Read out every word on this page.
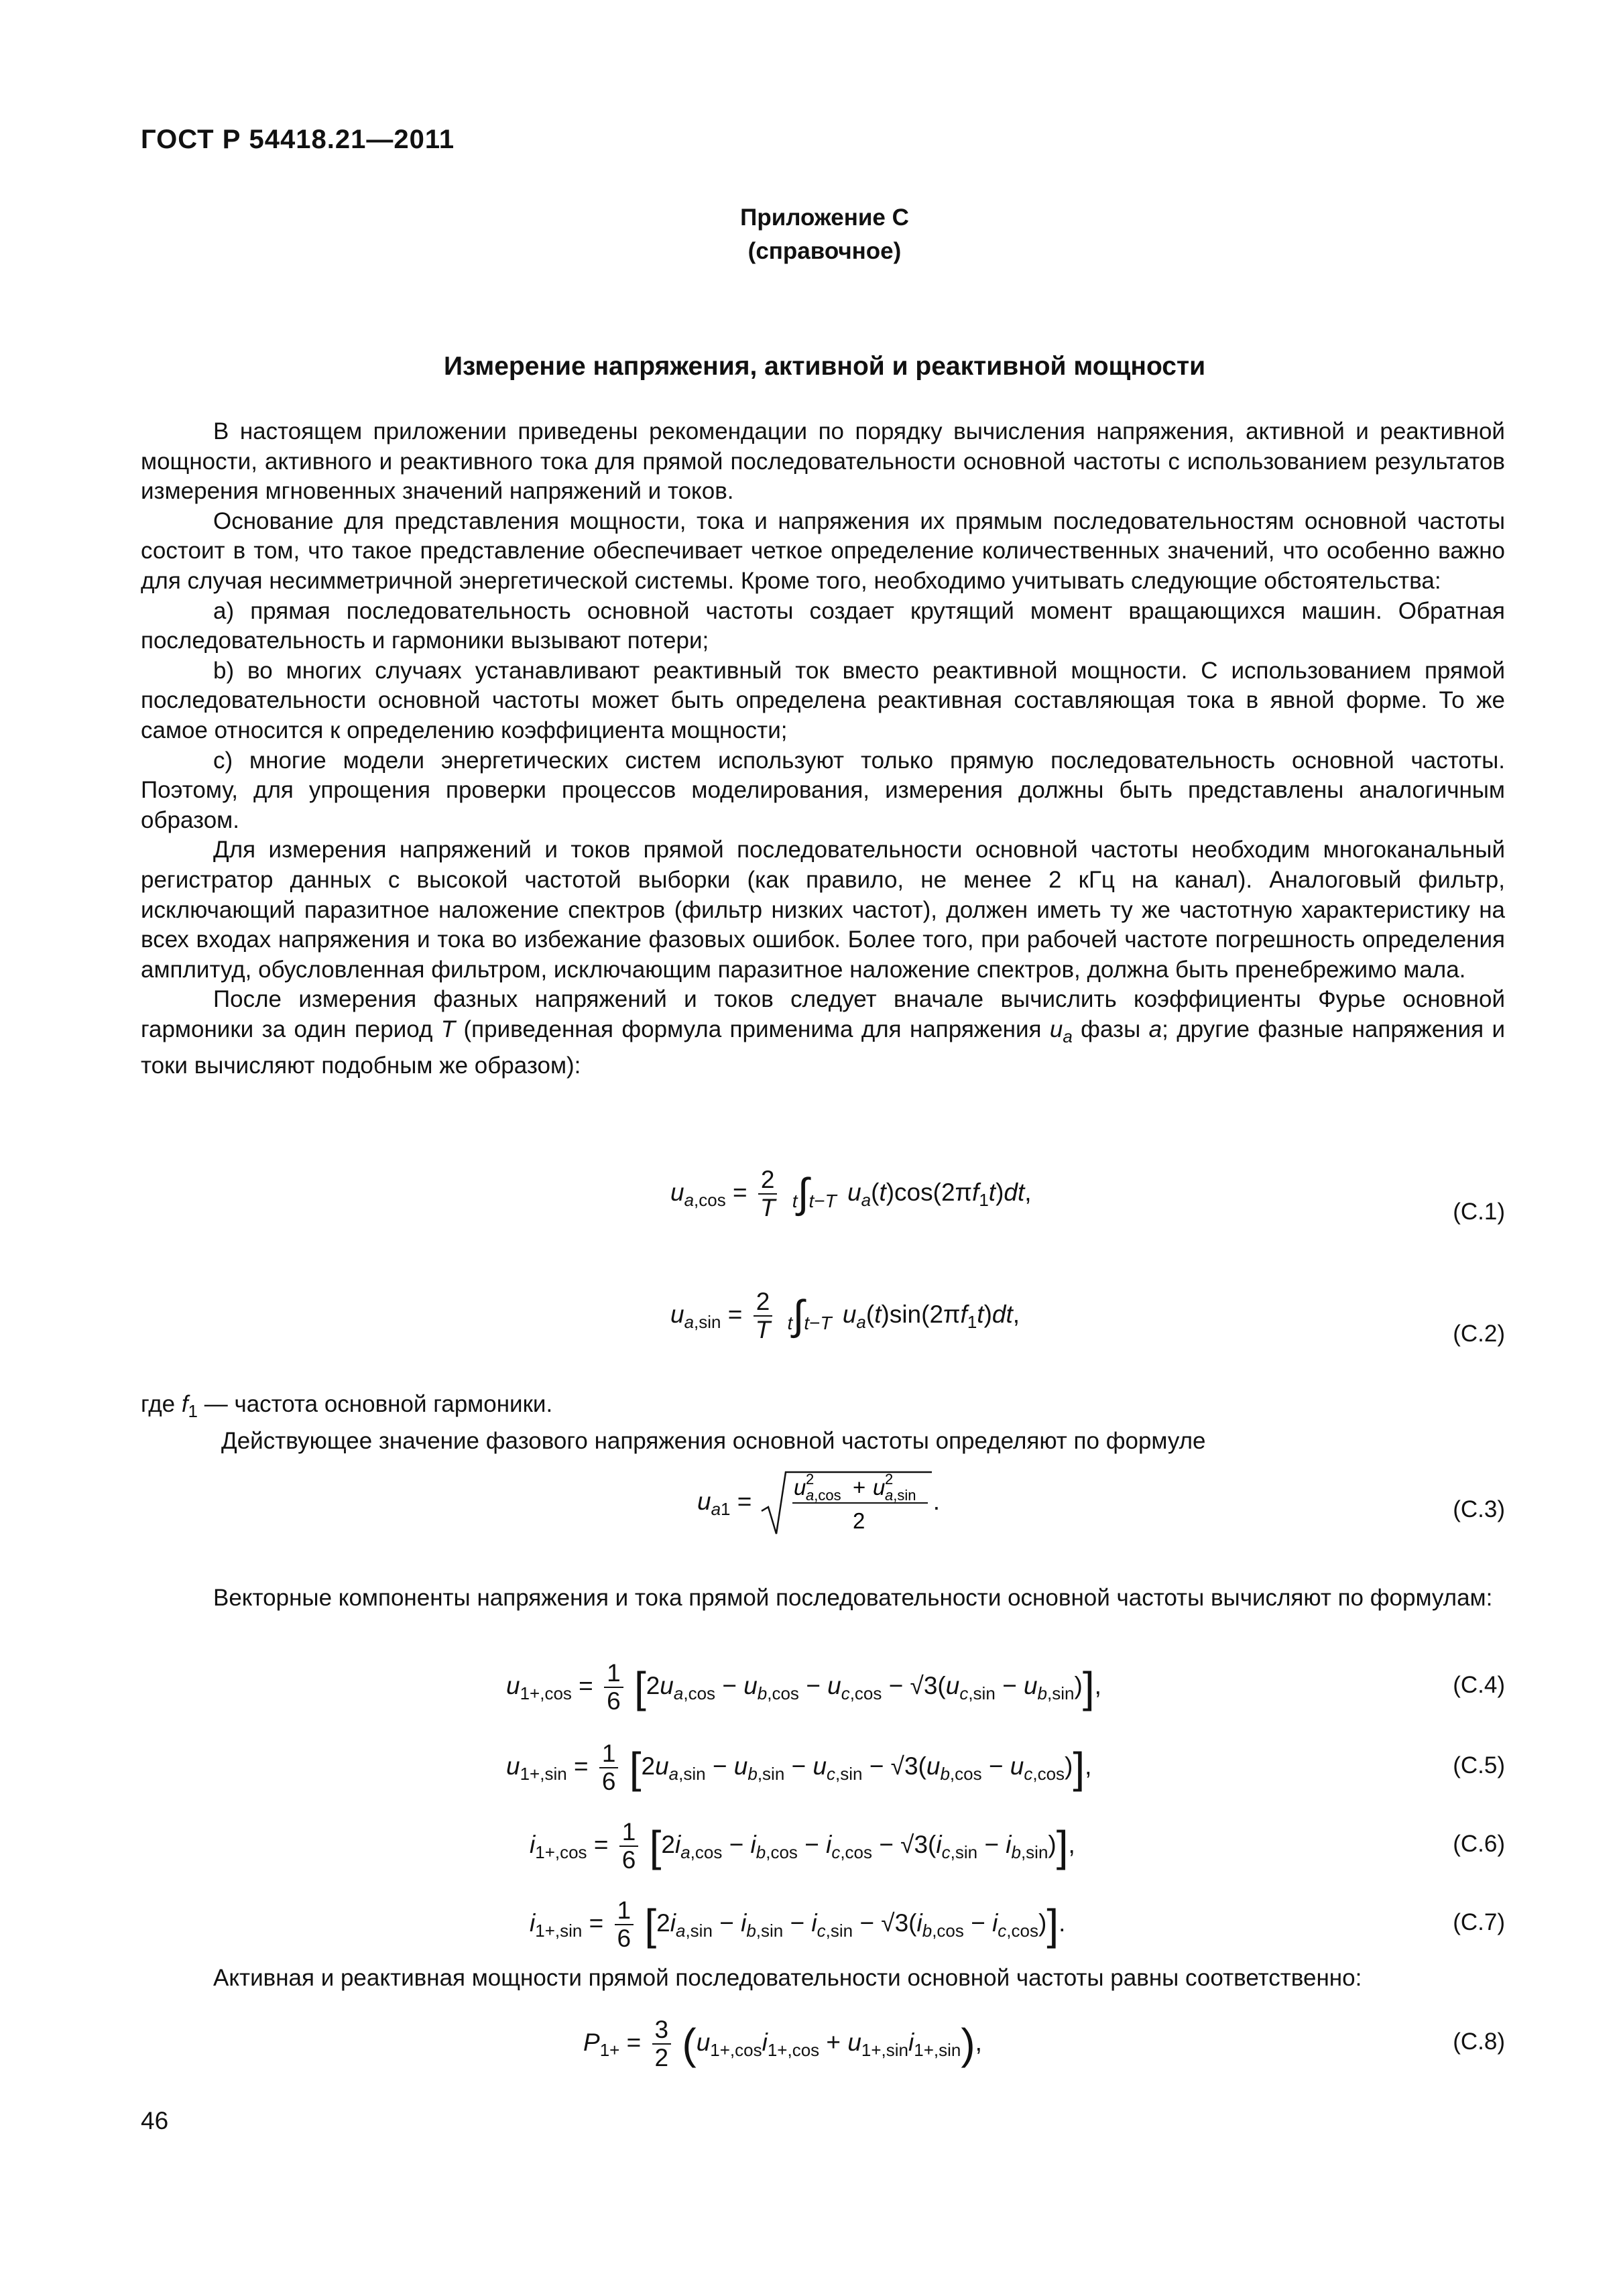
ГОСТ Р 54418.21—2011
Приложение С
(справочное)
Измерение напряжения, активной и реактивной мощности

В настоящем приложении приведены рекомендации по порядку вычисления напряжения, активной и реактивной мощности, активного и реактивного тока для прямой последовательности основной частоты с использованием результатов измерения мгновенных значений напряжений и токов.

Основание для представления мощности, тока и напряжения их прямым последовательностям основной частоты состоит в том, что такое представление обеспечивает четкое определение количественных значений, что особенно важно для случая несимметричной энергетической системы. Кроме того, необходимо учитывать следующие обстоятельства:

а) прямая последовательность основной частоты создает крутящий момент вращающихся машин. Обратная последовательность и гармоники вызывают потери;

b) во многих случаях устанавливают реактивный ток вместо реактивной мощности. С использованием прямой последовательности основной частоты может быть определена реактивная составляющая тока в явной форме. То же самое относится к определению коэффициента мощности;

c) многие модели энергетических систем используют только прямую последовательность основной частоты. Поэтому, для упрощения проверки процессов моделирования, измерения должны быть представлены аналогичным образом.

Для измерения напряжений и токов прямой последовательности основной частоты необходим многоканальный регистратор данных с высокой частотой выборки (как правило, не менее 2 кГц на канал). Аналоговый фильтр, исключающий паразитное наложение спектров (фильтр низких частот), должен иметь ту же частотную характеристику на всех входах напряжения и тока во избежание фазовых ошибок. Более того, при рабочей частоте погрешность определения амплитуд, обусловленная фильтром, исключающим паразитное наложение спектров, должна быть пренебрежимо мала.

После измерения фазных напряжений и токов следует вначале вычислить коэффициенты Фурье основной гармоники за один период T (приведенная формула применима для напряжения $u_a$ фазы a; другие фазные напряжения и токи вычисляют подобным же образом):

$u_{a,cos} = \frac{2}{T} t\int t-T$ $u_a(t)\cos(2\pi f_1t)dt$,
(С.1)
$u_{a,sin} = \frac{2}{T} t\int t-T$ $u_a(t)\sin(2\pi f_1t)dt$,
(С.2)

где $f_1$ — частота основной гармоники.

Действующее значение фазового напряжения основной частоты определяют по формуле

$u_{a1}$ =
u 2
a,cos + u 2
a,sin
2
.	(С.3)

Векторные компоненты напряжения и тока прямой последовательности основной частоты вычисляют по формулам:

$u_{1+,cos} = \frac{1}{6} [2u_{a,cos} - u_{b,cos} - u_{c,cos} - √3(u_{c,sin} - u_{b,sin})]$,	(С.4)
$u_{1+,sin} = \frac{1}{6} [2u_{a,sin} - u_{b,sin} - u_{c,sin} - √3(u_{b,cos} - u_{c,cos})]$,	(С.5)
$i_{1+,cos} = \frac{1}{6} [2i_{a,cos} - i_{b,cos} - i_{c,cos} - √3(i_{c,sin} - i_{b,sin})]$,	(С.6)
$i_{1+,sin} = \frac{1}{6} [2i_{a,sin} - i_{b,sin} - i_{c,sin} - √3(i_{b,cos} - i_{c,cos})]$.	(С.7)

Активная и реактивная мощности прямой последовательности основной частоты равны соответственно:

$P_{1+} = \frac{3}{2} (u_{1+,cos}i_{1+,cos} + u_{1+,sin}i_{1+,sin})$,	(С.8)
46
